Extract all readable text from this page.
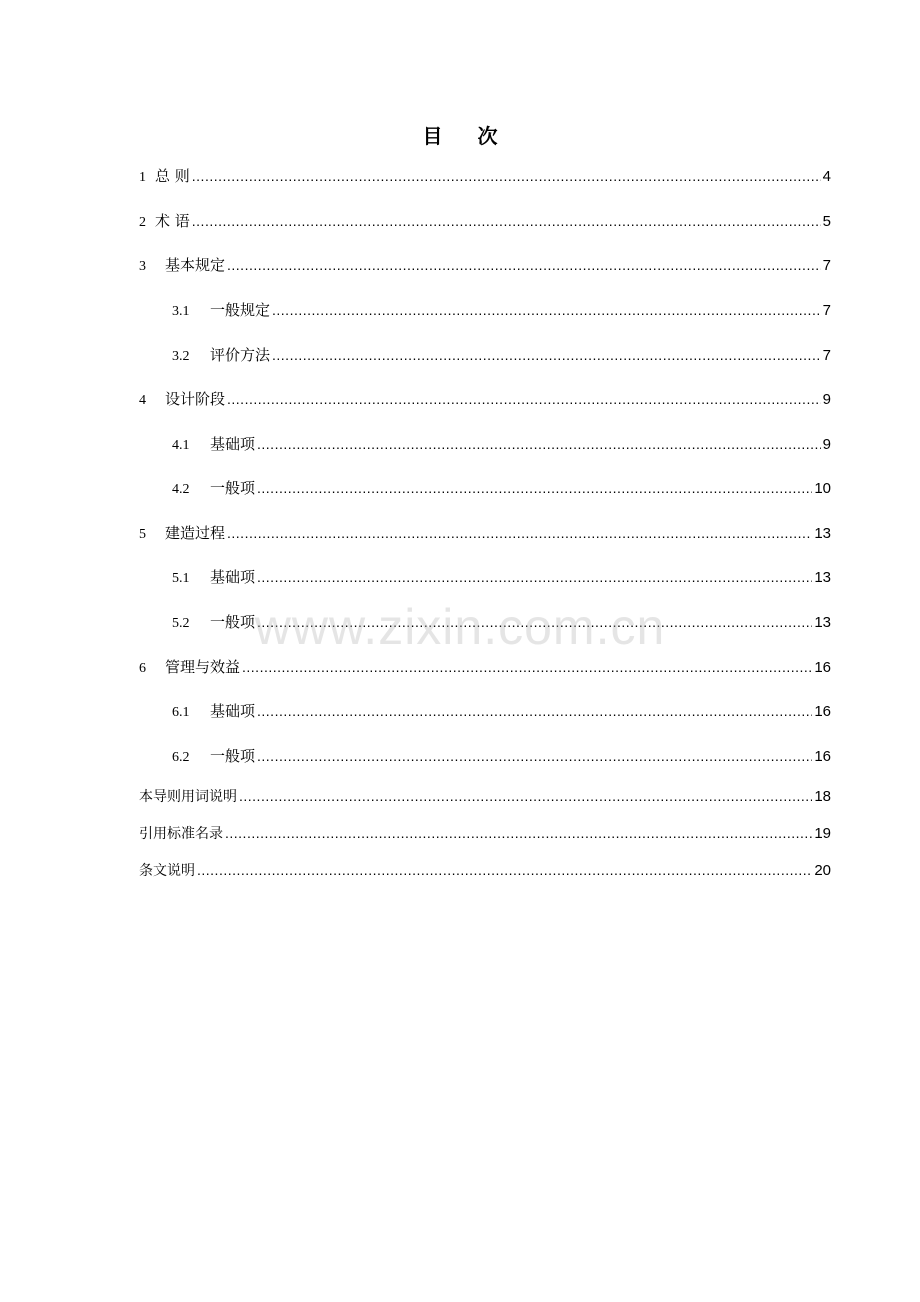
目 次
1 总 则 .....	4
2 术 语 .....	5
3	基本规定 .....	7
3.1	一般规定 .....	7
3.2	评价方法 .....	7
4	设计阶段 .....	9
4.1	基础项 .....	9
4.2	一般项 .....	10
5	建造过程 .....	13
5.1	基础项 .....	13
5.2	一般项 .....	13
6	管理与效益 .....	16
6.1	基础项 .....	16
6.2	一般项 .....	16
本导则用词说明 .....	18
引用标准名录 .....	19
条文说明 .....	20
www.zixin.com.cn
